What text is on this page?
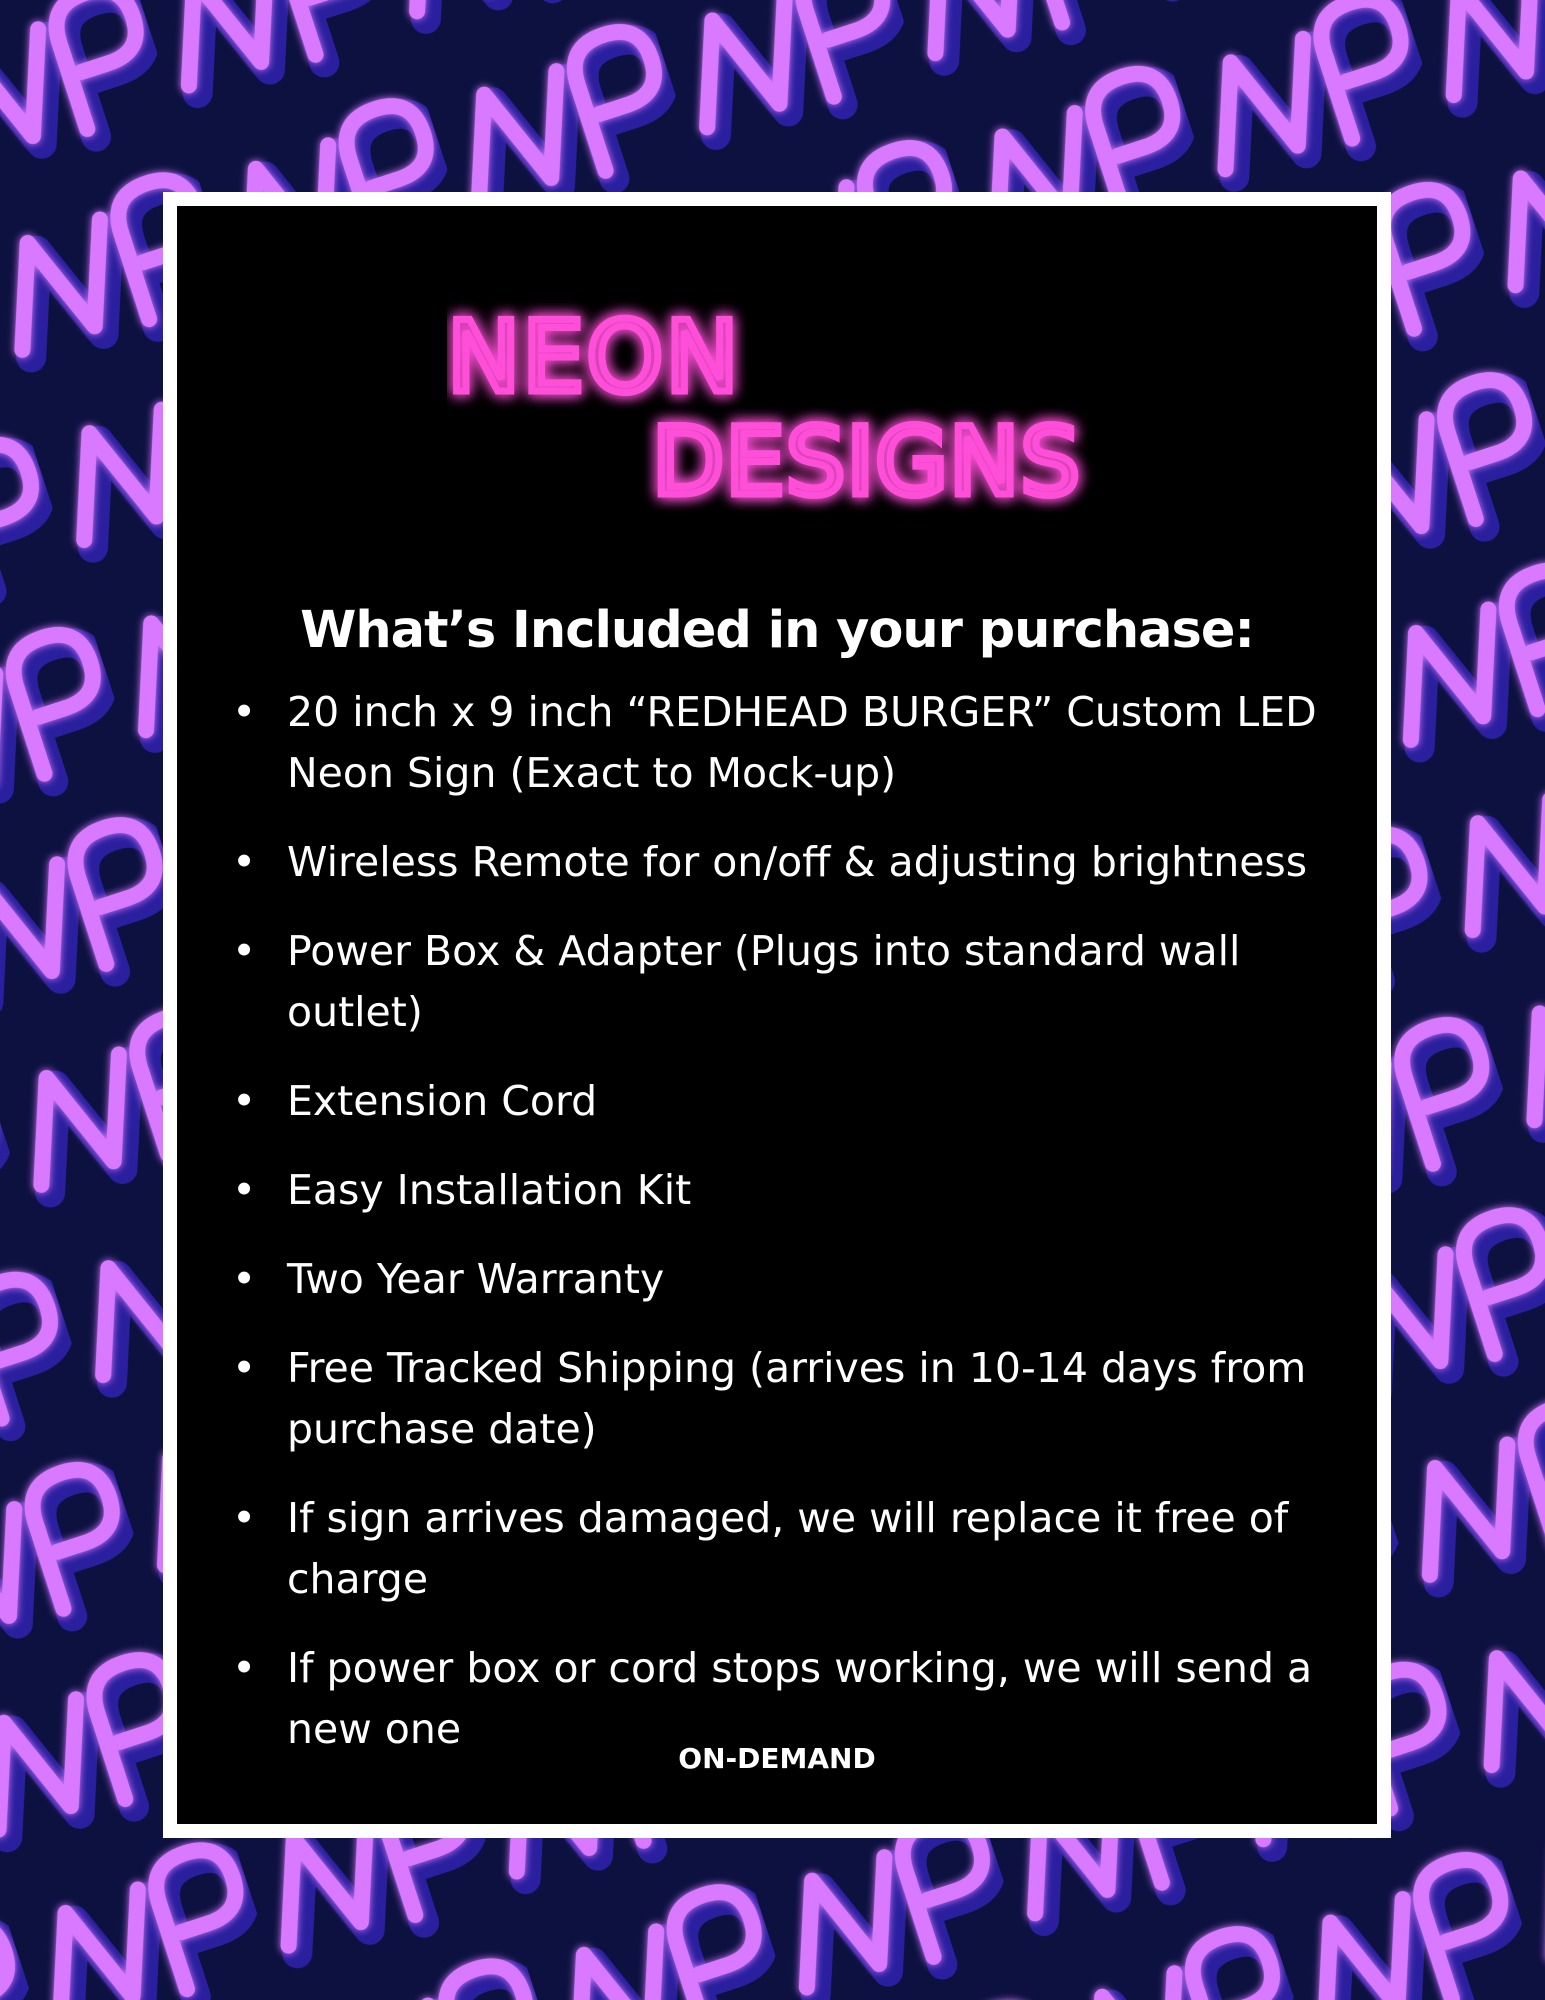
NEON
DESIGNS
What’s Included in your purchase:
• 20 inch x 9 inch “REDHEAD BURGER” Custom LED Neon Sign (Exact to Mock-up)
• Wireless Remote for on/off & adjusting brightness
• Power Box & Adapter (Plugs into standard wall outlet)
• Extension Cord
• Easy Installation Kit
• Two Year Warranty
• Free Tracked Shipping (arrives in 10-14 days from purchase date)
• If sign arrives damaged, we will replace it free of charge
• If power box or cord stops working, we will send a new one

ON-DEMAND
